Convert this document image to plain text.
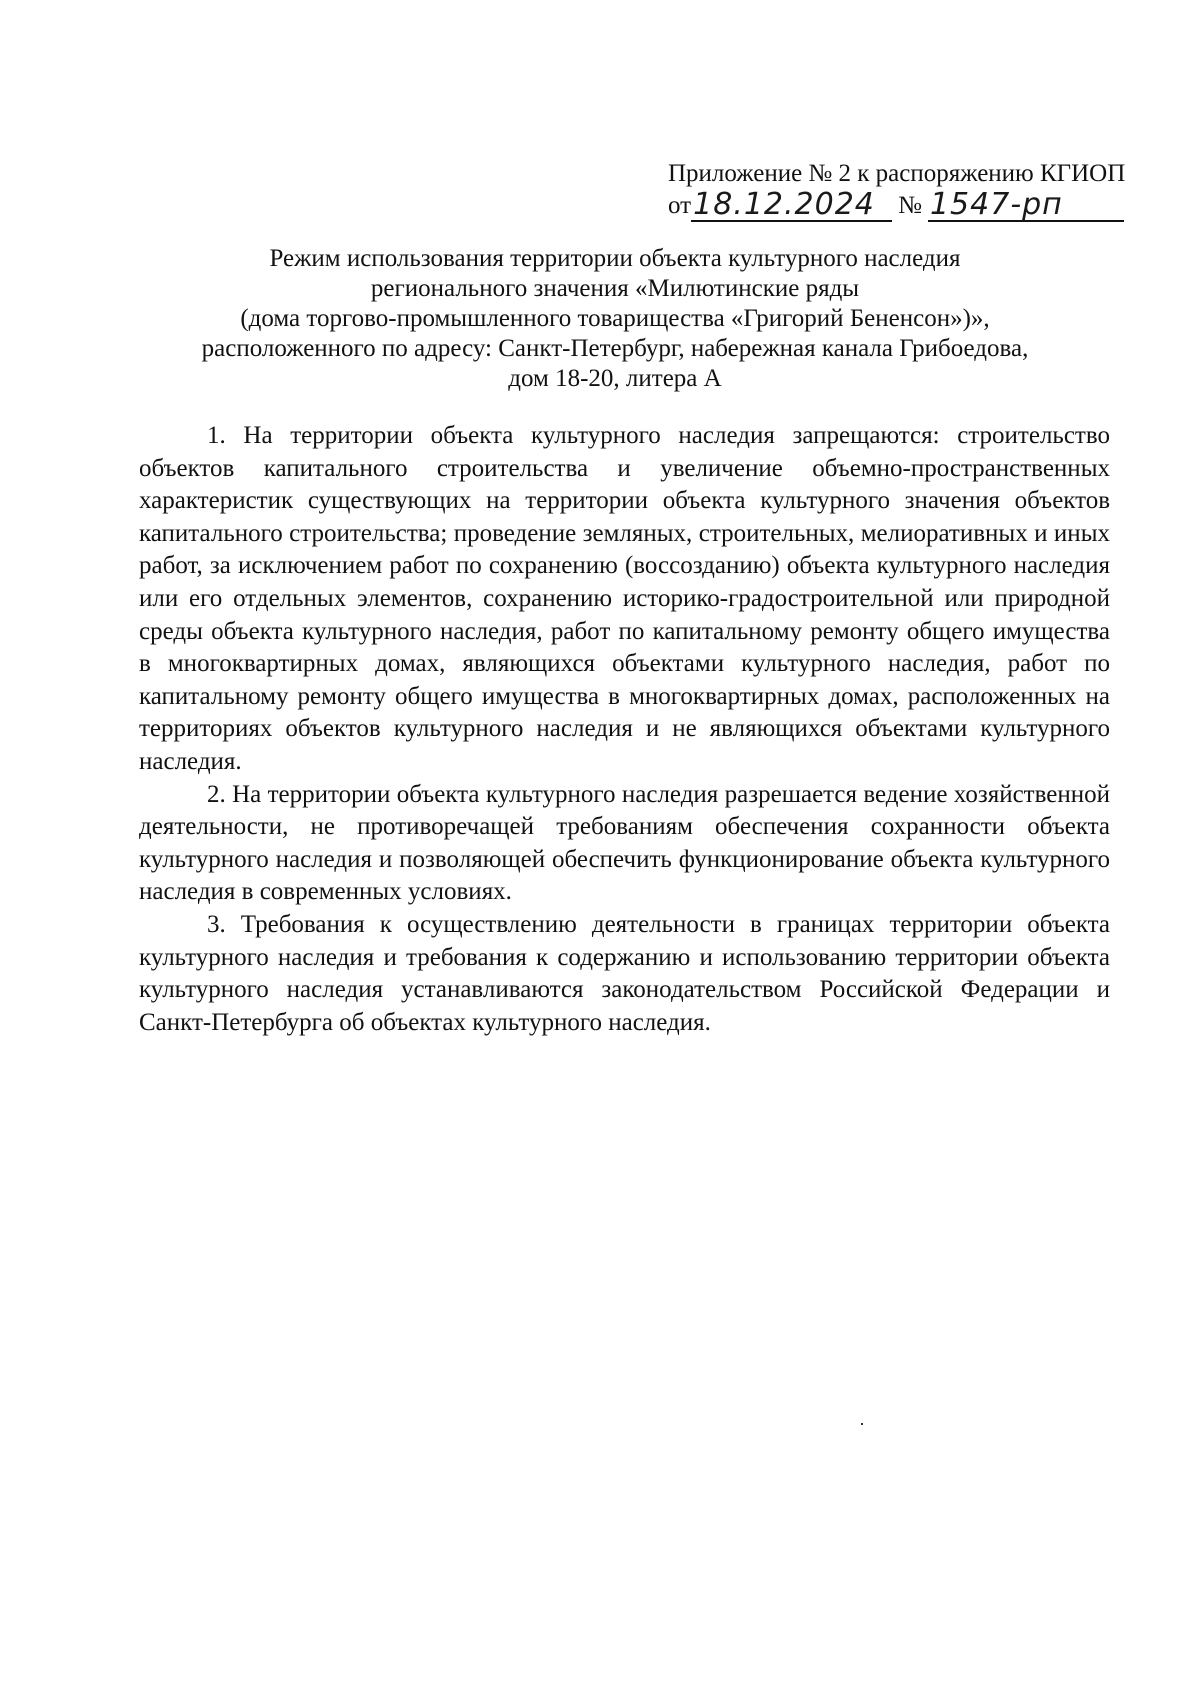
Приложение № 2 к распоряжению КГИОП
от 18.12.2024 № 1547-рп
Режим использования территории объекта культурного наследия
регионального значения «Милютинские ряды
(дома торгово-промышленного товарищества «Григорий Бененсон»)»,
расположенного по адресу: Санкт-Петербург, набережная канала Грибоедова,
дом 18-20, литера А

1. На территории объекта культурного наследия запрещаются: строительство объектов капитального строительства и увеличение объемно-пространственных характеристик существующих на территории объекта культурного значения объектов капитального строительства; проведение земляных, строительных, мелиоративных и иных работ, за исключением работ по сохранению (воссозданию) объекта культурного наследия или его отдельных элементов, сохранению историко-градостроительной или природной среды объекта культурного наследия, работ по капитальному ремонту общего имущества в многоквартирных домах, являющихся объектами культурного наследия, работ по капитальному ремонту общего имущества в многоквартирных домах, расположенных на территориях объектов культурного наследия и не являющихся объектами культурного наследия.

2. На территории объекта культурного наследия разрешается ведение хозяйственной деятельности, не противоречащей требованиям обеспечения сохранности объекта культурного наследия и позволяющей обеспечить функционирование объекта культурного наследия в современных условиях.

3. Требования к осуществлению деятельности в границах территории объекта культурного наследия и требования к содержанию и использованию территории объекта культурного наследия устанавливаются законодательством Российской Федерации и Санкт-Петербурга об объектах культурного наследия.
